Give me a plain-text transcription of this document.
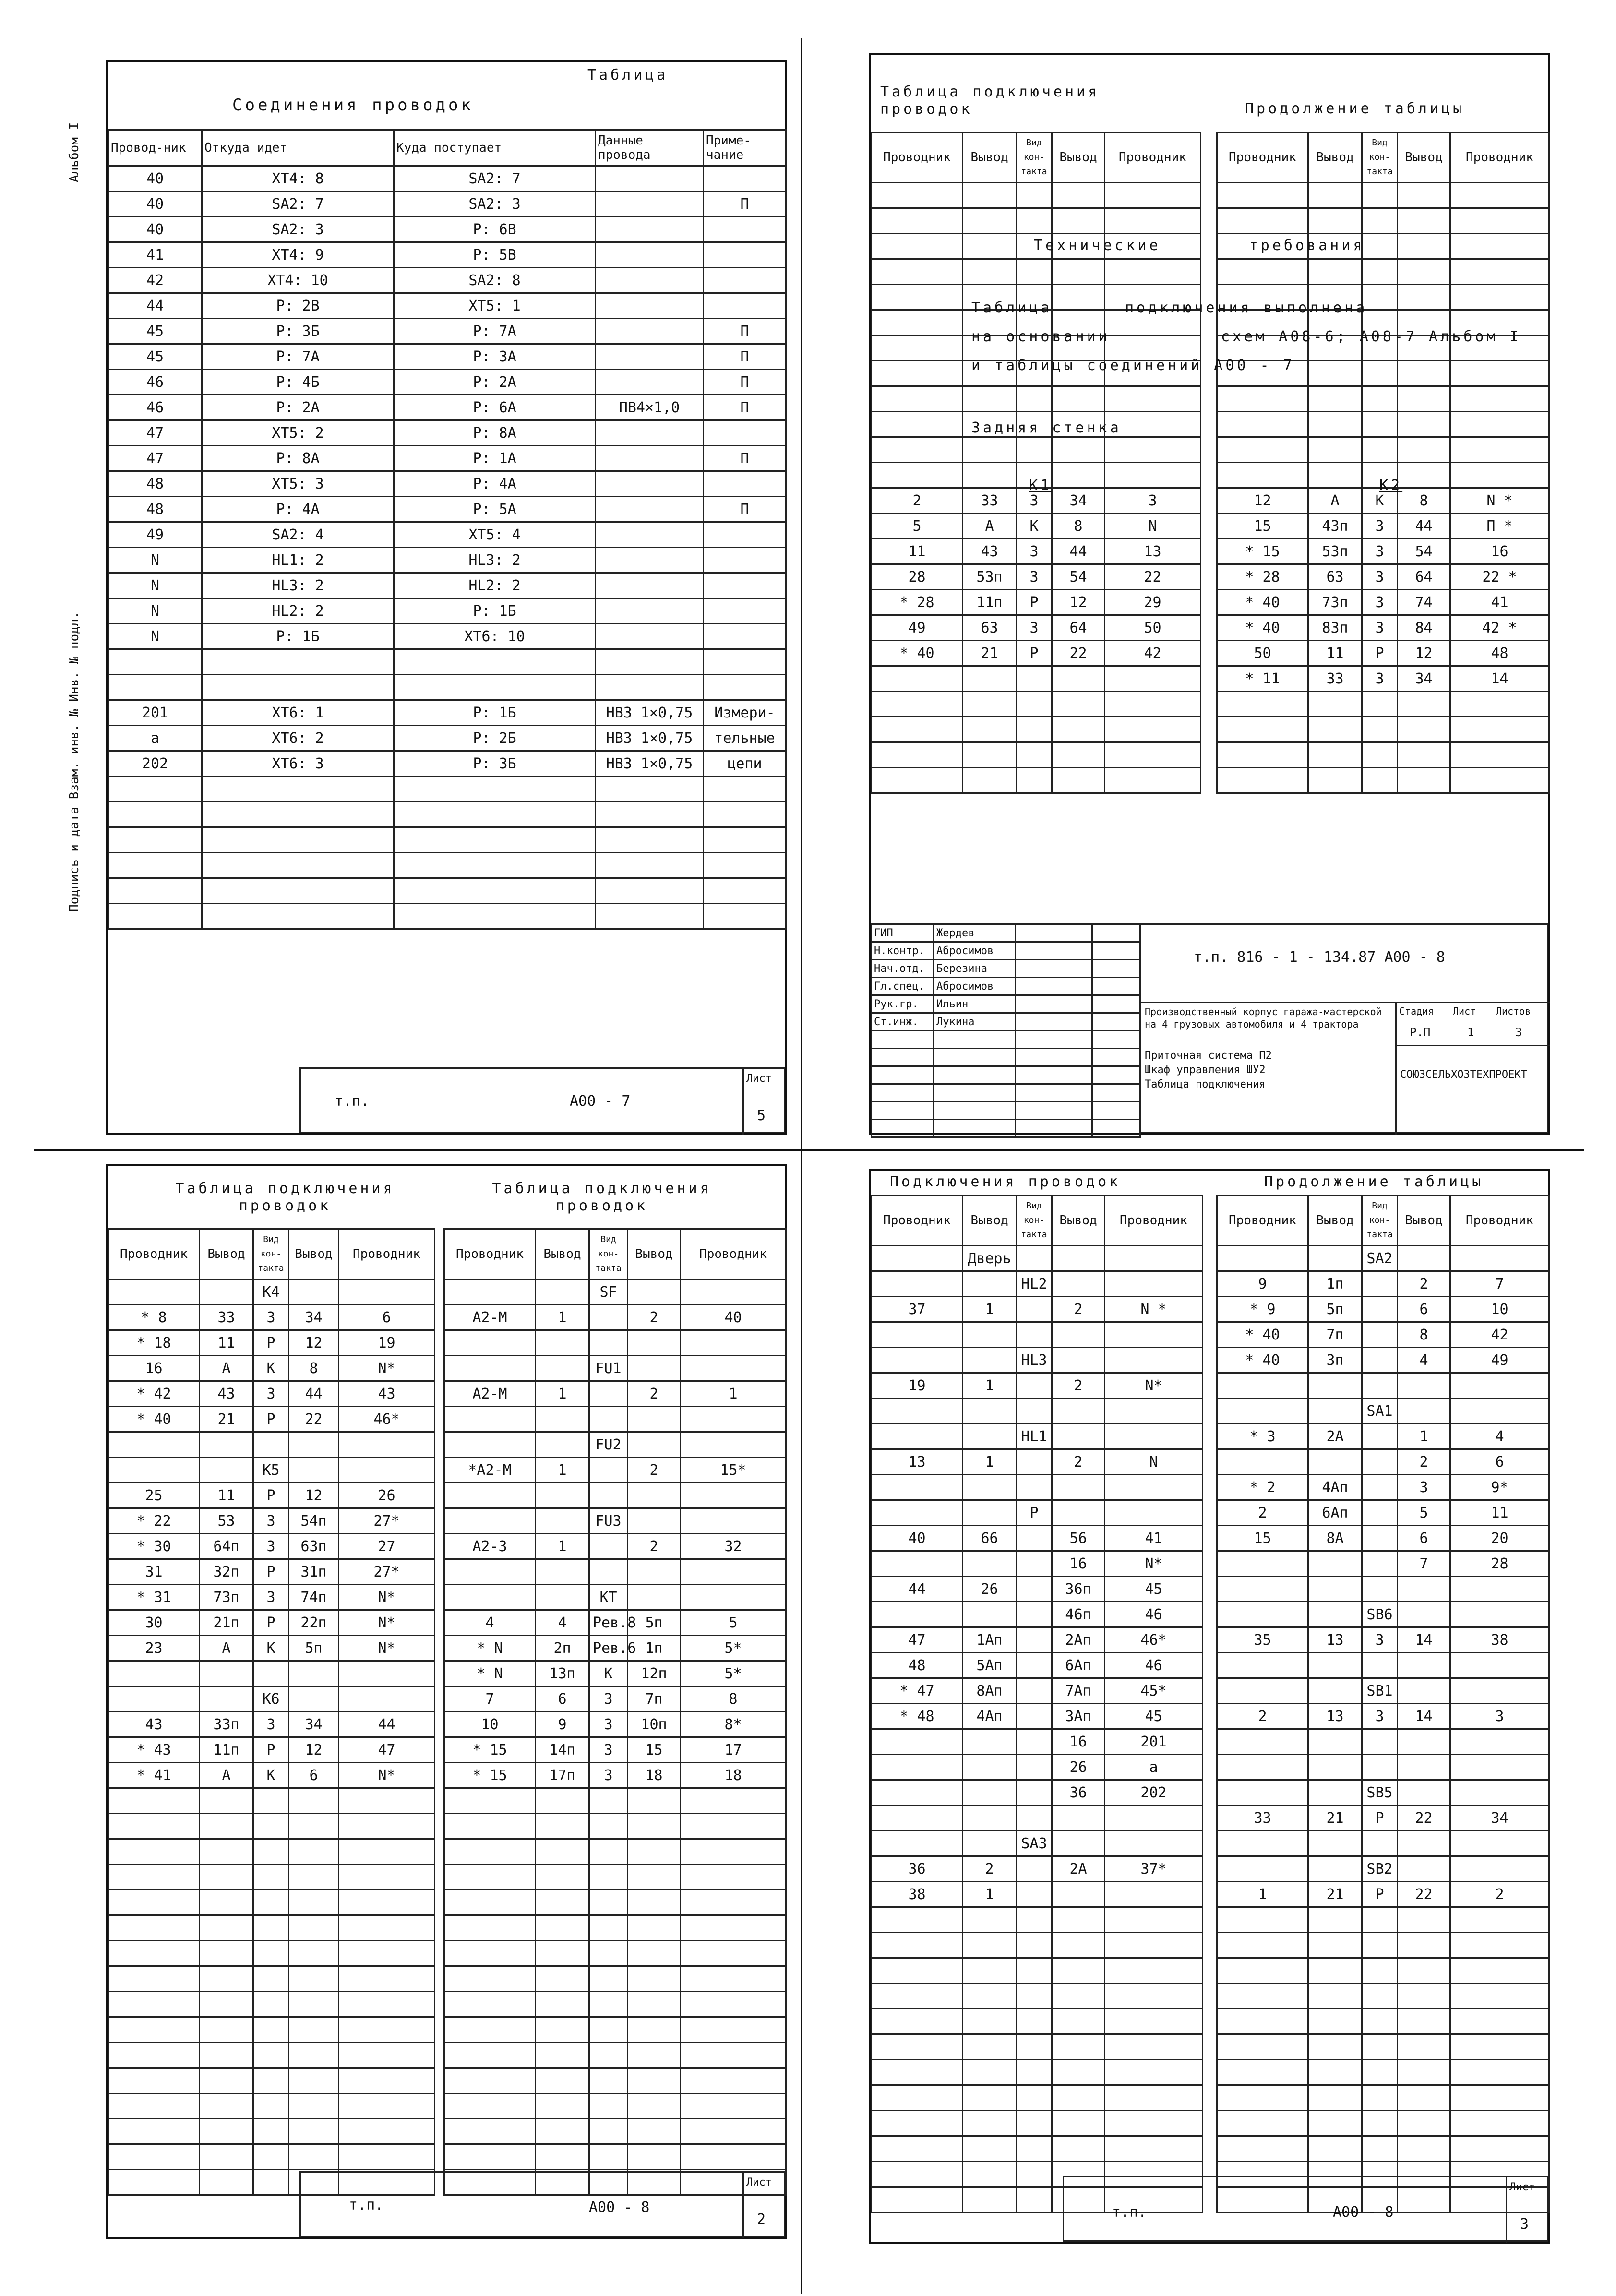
Альбом I
Подпись и дата Взам. инв. № Инв. № подл.
Таблица
Соединения проводок
Провод-ник	Откуда идет	Куда поступает	Данные провода	Приме-чание
40	XT4: 8	SA2: 7		
40	SA2: 7	SA2: 3		П
40	SA2: 3	P: 6B		
41	XT4: 9	P: 5B		
42	XT4: 10	SA2: 8		
44	P: 2B	XT5: 1		
45	P: 3Б	P: 7A		П
45	P: 7A	P: 3A		П
46	P: 4Б	P: 2A		П
46	P: 2A	P: 6A	ПВ4×1,0	П
47	XT5: 2	P: 8A		
47	P: 8A	P: 1A		П
48	XT5: 3	P: 4A		
48	P: 4A	P: 5A		П
49	SA2: 4	XT5: 4		
N	HL1: 2	HL3: 2		
N	HL3: 2	HL2: 2		
N	HL2: 2	P: 1Б		
N	P: 1Б	XT6: 10		

201	XT6: 1	P: 1Б	НВ3 1×0,75	Измери-
a	XT6: 2	P: 2Б	НВ3 1×0,75	тельные
202	XT6: 3	P: 3Б	НВ3 1×0,75	цепи

т.п.	А00 - 7
Лист
5
Таблица подключения проводок	Продолжение таблицы
Проводник	Вывод	Вид кон-такта	Вывод	Проводник

2	33	3	34	3
5	A	K	8	N
11	43	3	44	13
28	53п	3	54	22
* 28	11п	P	12	29
49	63	3	64	50
* 40	21	P	22	42

Проводник	Вывод	Вид кон-такта	Вывод	Проводник

12	A	K	8	N *
15	43п	3	44	П *
* 15	53п	3	54	16
* 28	63	3	64	22 *
* 40	73п	3	74	41
* 40	83п	3	84	42 *
50	11	P	12	48
* 11	33	3	34	14

Технические требования
Таблица	подключения выполнена
на основании	схем А08-6; А08-7 Альбом I
и таблицы соединений А00 - 7
Задняя стенка
K1	K2
ГИП	Жердев		
Н.контр.	Абросимов		
Нач.отд.	Березина		
Гл.спец.	Абросимов		
Рук.гр.	Ильин		
Ст.инж.	Лукина		

т.п. 816 - 1 - 134.87 А00 - 8
Производственный корпус гаража-мастерской на 4 грузовых автомобиля и 4 трактора
Приточная система П2
Шкаф управления ШУ2
Таблица подключения
Стадия Лист Листов
Р.П	1	3
СОЮЗСЕЛЬХОЗТЕХПРОЕКТ
Таблица подключения проводок
Таблица подключения проводок
Проводник	Вывод	Вид кон-такта	Вывод	Проводник
		K4		
* 8	33	3	34	6
* 18	11	P	12	19
16	A	K	8	N*
* 42	43	3	44	43
* 40	21	P	22	46*

		K5		
25	11	P	12	26
* 22	53	3	54п	27*
* 30	64п	3	63п	27
31	32п	P	31п	27*
* 31	73п	3	74п	N*
30	21п	P	22п	N*
23	A	K	5п	N*

		K6		
43	33п	3	34	44
* 43	11п	P	12	47
* 41	A	K	6	N*

Проводник	Вывод	Вид кон-такта	Вывод	Проводник
		SF		
A2-M	1		2	40

		FU1		
A2-M	1		2	1

		FU2		
*A2-M	1		2	15*

		FU3		
A2-3	1		2	32

		KT		
4	4	Рев.8	5п	5
* N	2п	Рев.6	1п	5*
* N	13п	K	12п	5*
7	6	3	7п	8
10	9	3	10п	8*
* 15	14п	3	15	17
* 15	17п	3	18	18

т.п.	А00 - 8
Лист
2
Подключения проводок	Продолжение таблицы
Проводник	Вывод	Вид кон-такта	Вывод	Проводник
	Дверь			
		HL2		
37	1		2	N *

		HL3		
19	1		2	N*

		HL1		
13	1		2	N

		P		
40	66		56	41
			16	N*
44	26		36п	45
			46п	46
47	1Aп		2Aп	46*
48	5Aп		6Aп	46
* 47	8Aп		7Aп	45*
* 48	4Aп		3Aп	45
			16	201
			26	a
			36	202

		SA3		
36	2		2A	37*
38	1			

Проводник	Вывод	Вид кон-такта	Вывод	Проводник
		SA2		
9	1п		2	7
* 9	5п		6	10
* 40	7п		8	42
* 40	3п		4	49

		SA1		
* 3	2A		1	4
			2	6
* 2	4Aп		3	9*
2	6Aп		5	11
15	8A		6	20
			7	28

		SB6		
35	13	3	14	38

		SB1		
2	13	3	14	3

		SB5		
33	21	P	22	34

		SB2		
1	21	P	22	2

т.п.	А00 - 8
Лист
3
